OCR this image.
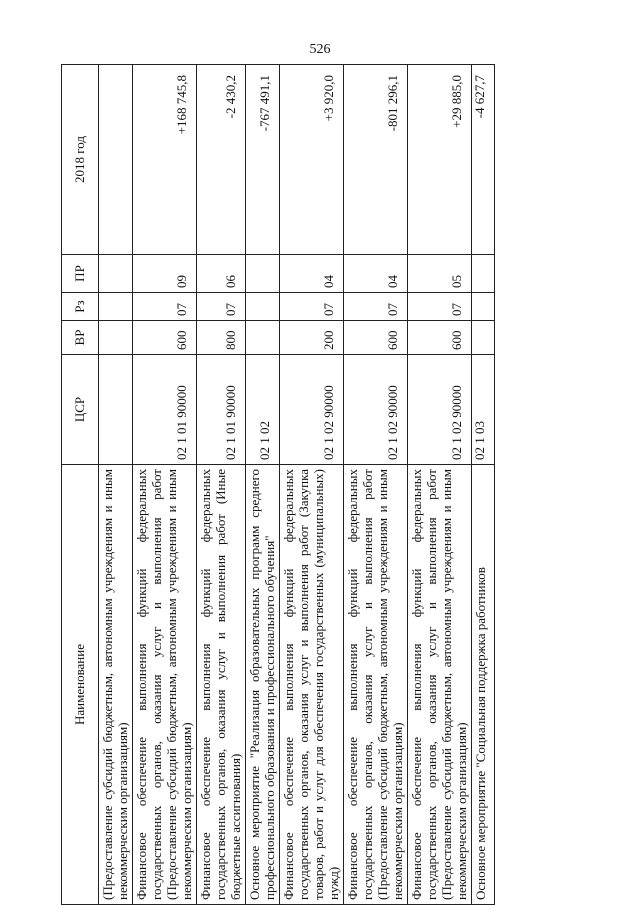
526
Наименование	ЦСР	ВР	Рз	ПР	2018 год
(Предоставление субсидий бюджетным, автономным учреждениям и иным некоммерческим организациям)					
Финансовое обеспечение выполнения функций федеральных государственных органов, оказания услуг и выполнения работ (Предоставление субсидий бюджетным, автономным учреждениям и иным некоммерческим организациям)	02 1 01 90000	600	07	09	+168 745,8
Финансовое обеспечение выполнения функций федеральных государственных органов, оказания услуг и выполнения работ (Иные бюджетные ассигнования)	02 1 01 90000	800	07	06	-2 430,2
Основное мероприятие "Реализация образовательных программ среднего профессионального образования и профессионального обучения"	02 1 02				-767 491,1
Финансовое обеспечение выполнения функций федеральных государственных органов, оказания услуг и выполнения работ (Закупка товаров, работ и услуг для обеспечения государственных (муниципальных) нужд)	02 1 02 90000	200	07	04	+3 920,0
Финансовое обеспечение выполнения функций федеральных государственных органов, оказания услуг и выполнения работ (Предоставление субсидий бюджетным, автономным учреждениям и иным некоммерческим организациям)	02 1 02 90000	600	07	04	-801 296,1
Финансовое обеспечение выполнения функций федеральных государственных органов, оказания услуг и выполнения работ (Предоставление субсидий бюджетным, автономным учреждениям и иным некоммерческим организациям)	02 1 02 90000	600	07	05	+29 885,0
Основное мероприятие "Социальная поддержка работников	02 1 03				-4 627,7
